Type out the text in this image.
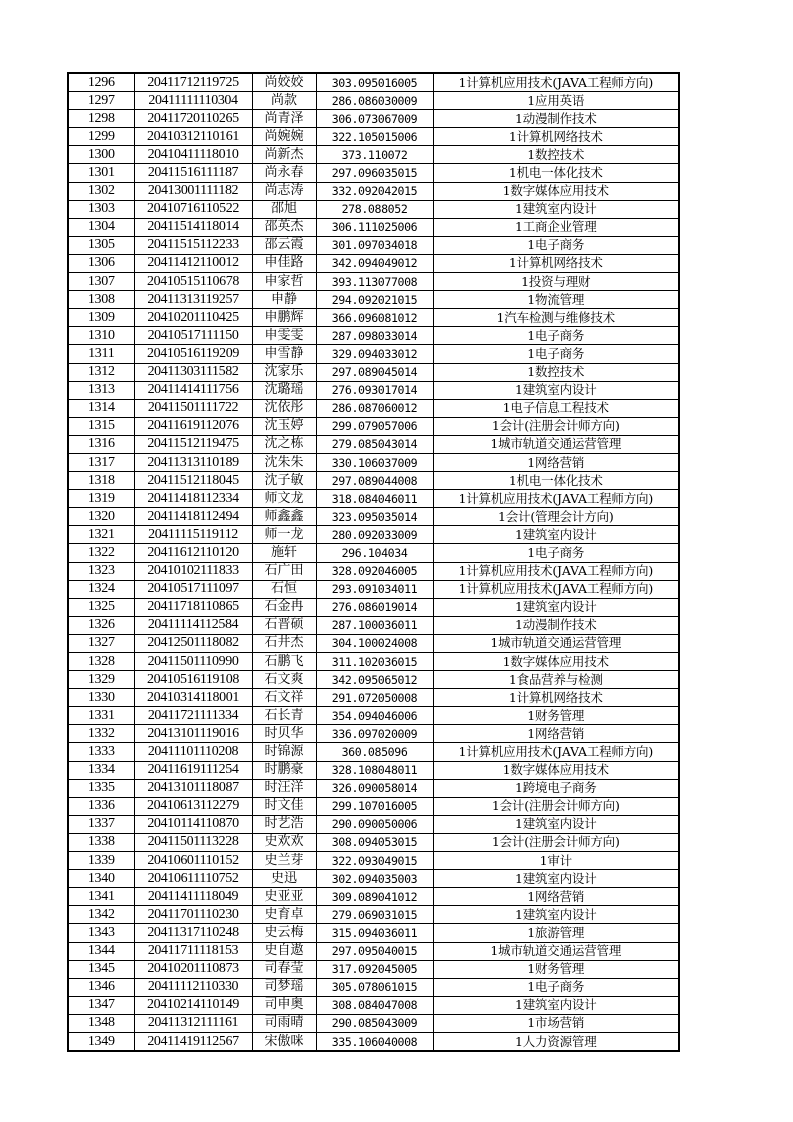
1296	20411712119725	尚姣姣	303.095016005	1计算机应用技术(JAVA工程师方向)
1297	20411111110304	尚款	286.086030009	1应用英语
1298	20411720110265	尚青泽	306.073067009	1动漫制作技术
1299	20410312110161	尚婉婉	322.105015006	1计算机网络技术
1300	20410411118010	尚新杰	373.110072	1数控技术
1301	20411516111187	尚永春	297.096035015	1机电一体化技术
1302	20413001111182	尚志涛	332.092042015	1数字媒体应用技术
1303	20410716110522	邵旭	278.088052	1建筑室内设计
1304	20411514118014	邵英杰	306.111025006	1工商企业管理
1305	20411515112233	邵云霞	301.097034018	1电子商务
1306	20411412110012	申佳路	342.094049012	1计算机网络技术
1307	20410515110678	申家哲	393.113077008	1投资与理财
1308	20411313119257	申静	294.092021015	1物流管理
1309	20410201110425	申鹏辉	366.096081012	1汽车检测与维修技术
1310	20410517111150	申雯雯	287.098033014	1电子商务
1311	20410516119209	申雪静	329.094033012	1电子商务
1312	20411303111582	沈家乐	297.089045014	1数控技术
1313	20411414111756	沈璐瑶	276.093017014	1建筑室内设计
1314	20411501111722	沈依彤	286.087060012	1电子信息工程技术
1315	20411619112076	沈玉婷	299.079057006	1会计(注册会计师方向)
1316	20411512119475	沈之栋	279.085043014	1城市轨道交通运营管理
1317	20411313110189	沈朱朱	330.106037009	1网络营销
1318	20411512118045	沈子敏	297.089044008	1机电一体化技术
1319	20411418112334	师文龙	318.084046011	1计算机应用技术(JAVA工程师方向)
1320	20411418112494	师鑫鑫	323.095035014	1会计(管理会计方向)
1321	20411115119112	师一龙	280.092033009	1建筑室内设计
1322	20411612110120	施轩	296.104034	1电子商务
1323	20410102111833	石广田	328.092046005	1计算机应用技术(JAVA工程师方向)
1324	20410517111097	石恒	293.091034011	1计算机应用技术(JAVA工程师方向)
1325	20411718110865	石金冉	276.086019014	1建筑室内设计
1326	20411114112584	石晋硕	287.100036011	1动漫制作技术
1327	20412501118082	石井杰	304.100024008	1城市轨道交通运营管理
1328	20411501110990	石鹏飞	311.102036015	1数字媒体应用技术
1329	20410516119108	石文爽	342.095065012	1食品营养与检测
1330	20410314118001	石文祥	291.072050008	1计算机网络技术
1331	20411721111334	石长青	354.094046006	1财务管理
1332	20413101119016	时贝华	336.097020009	1网络营销
1333	20411101110208	时锦源	360.085096	1计算机应用技术(JAVA工程师方向)
1334	20411619111254	时鹏豪	328.108048011	1数字媒体应用技术
1335	20413101118087	时汪洋	326.090058014	1跨境电子商务
1336	20410613112279	时文佳	299.107016005	1会计(注册会计师方向)
1337	20410114110870	时艺浩	290.090050006	1建筑室内设计
1338	20411501113228	史欢欢	308.094053015	1会计(注册会计师方向)
1339	20410601110152	史兰芽	322.093049015	1审计
1340	20410611110752	史迅	302.094035003	1建筑室内设计
1341	20411411118049	史亚亚	309.089041012	1网络营销
1342	20411701110230	史育卓	279.069031015	1建筑室内设计
1343	20411317110248	史云梅	315.094036011	1旅游管理
1344	20411711118153	史自遨	297.095040015	1城市轨道交通运营管理
1345	20410201110873	司春莹	317.092045005	1财务管理
1346	20411112110330	司梦瑶	305.078061015	1电子商务
1347	20410214110149	司申奥	308.084047008	1建筑室内设计
1348	20411312111161	司雨晴	290.085043009	1市场营销
1349	20411419112567	宋傲咪	335.106040008	1人力资源管理
